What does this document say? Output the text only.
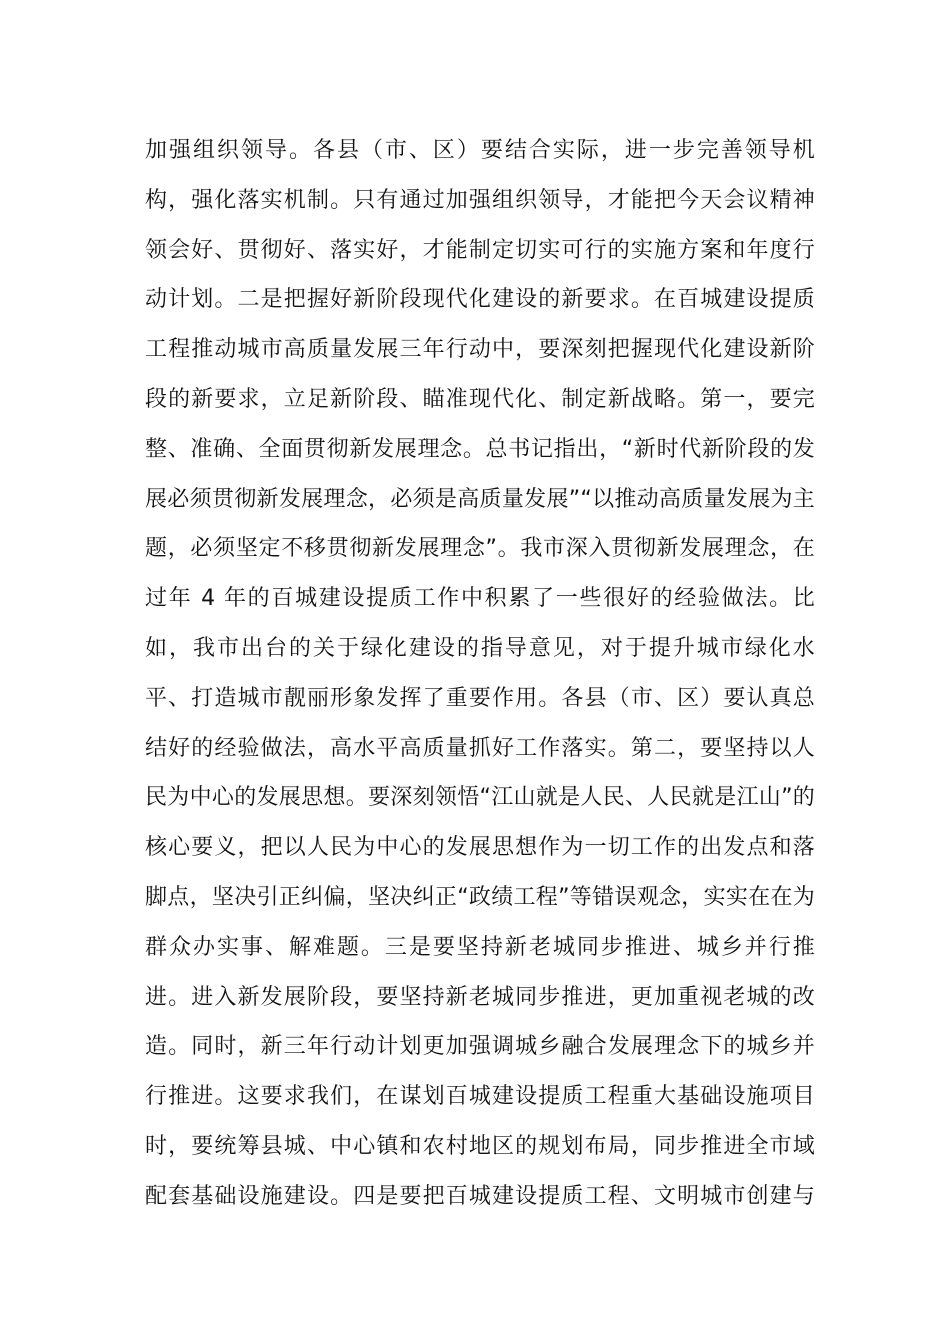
加强组织领导。各县（市、区）要结合实际，进一步完善领导机
构，强化落实机制。只有通过加强组织领导，才能把今天会议精神
领会好、贯彻好、落实好，才能制定切实可行的实施方案和年度行
动计划。二是把握好新阶段现代化建设的新要求。在百城建设提质
工程推动城市高质量发展三年行动中，要深刻把握现代化建设新阶
段的新要求，立足新阶段、瞄准现代化、制定新战略。第一，要完
整、准确、全面贯彻新发展理念。总书记指出，“新时代新阶段的发
展必须贯彻新发展理念，必须是高质量发展”“以推动高质量发展为主
题，必须坚定不移贯彻新发展理念”。我市深入贯彻新发展理念，在
过年 4 年的百城建设提质工作中积累了一些很好的经验做法。比
如，我市出台的关于绿化建设的指导意见，对于提升城市绿化水
平、打造城市靓丽形象发挥了重要作用。各县（市、区）要认真总
结好的经验做法，高水平高质量抓好工作落实。第二，要坚持以人
民为中心的发展思想。要深刻领悟“江山就是人民、人民就是江山”的
核心要义，把以人民为中心的发展思想作为一切工作的出发点和落
脚点，坚决引正纠偏，坚决纠正“政绩工程”等错误观念，实实在在为
群众办实事、解难题。三是要坚持新老城同步推进、城乡并行推
进。进入新发展阶段，要坚持新老城同步推进，更加重视老城的改
造。同时，新三年行动计划更加强调城乡融合发展理念下的城乡并
行推进。这要求我们，在谋划百城建设提质工程重大基础设施项目
时，要统筹县城、中心镇和农村地区的规划布局，同步推进全市域
配套基础设施建设。四是要把百城建设提质工程、文明城市创建与
